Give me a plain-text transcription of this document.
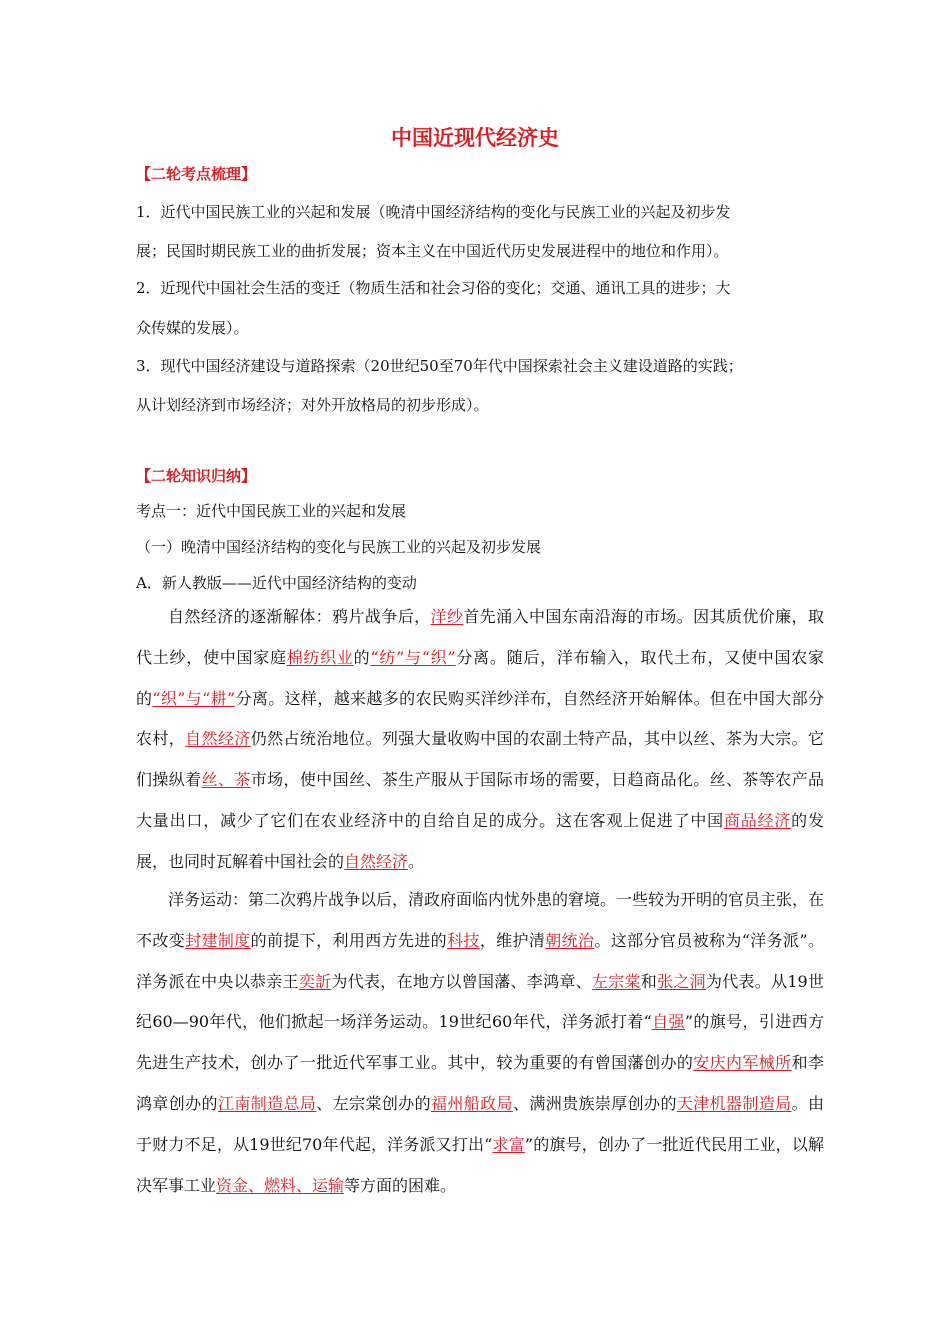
中国近现代经济史
【二轮考点梳理】
1．近代中国民族工业的兴起和发展（晚清中国经济结构的变化与民族工业的兴起及初步发
展；民国时期民族工业的曲折发展；资本主义在中国近代历史发展进程中的地位和作用）。
2．近现代中国社会生活的变迁（物质生活和社会习俗的变化；交通、通讯工具的进步；大
众传媒的发展）。
3．现代中国经济建设与道路探索（20世纪50至70年代中国探索社会主义建设道路的实践；
从计划经济到市场经济；对外开放格局的初步形成）。
【二轮知识归纳】
考点一：近代中国民族工业的兴起和发展
（一）晚清中国经济结构的变化与民族工业的兴起及初步发展
A．新人教版——近代中国经济结构的变动

自然经济的逐渐解体：鸦片战争后，洋纱首先涌入中国东南沿海的市场。因其质优价廉，取代土纱，使中国家庭棉纺织业的“纺”与“织”分离。随后，洋布输入，取代土布，又使中国农家的“织”与“耕”分离。这样，越来越多的农民购买洋纱洋布，自然经济开始解体。但在中国大部分农村，自然经济仍然占统治地位。列强大量收购中国的农副土特产品，其中以丝、茶为大宗。它们操纵着丝、茶市场，使中国丝、茶生产服从于国际市场的需要，日趋商品化。丝、茶等农产品大量出口，减少了它们在农业经济中的自给自足的成分。这在客观上促进了中国商品经济的发展，也同时瓦解着中国社会的自然经济。

洋务运动：第二次鸦片战争以后，清政府面临内忧外患的窘境。一些较为开明的官员主张，在不改变封建制度的前提下，利用西方先进的科技，维护清朝统治。这部分官员被称为“洋务派”。洋务派在中央以恭亲王奕訢为代表，在地方以曾国藩、李鸿章、左宗棠和张之洞为代表。从19世纪60—90年代，他们掀起一场洋务运动。19世纪60年代，洋务派打着“自强”的旗号，引进西方先进生产技术，创办了一批近代军事工业。其中，较为重要的有曾国藩创办的安庆内军械所和李鸿章创办的江南制造总局、左宗棠创办的福州船政局、满洲贵族崇厚创办的天津机器制造局。由于财力不足，从19世纪70年代起，洋务派又打出“求富”的旗号，创办了一批近代民用工业，以解决军事工业资金、燃料、运输等方面的困难。
